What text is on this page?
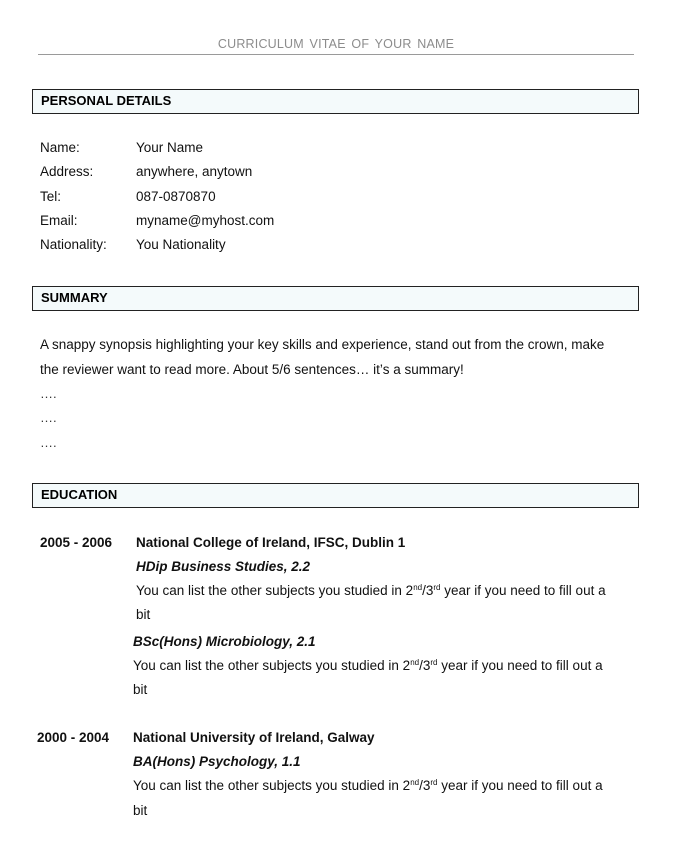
CURRICULUM VITAE OF YOUR NAME
PERSONAL DETAILS
Name:	Your Name
Address:	anywhere, anytown
Tel:	087-0870870
Email:	myname@myhost.com
Nationality: You Nationality
SUMMARY
A snappy synopsis highlighting your key skills and experience, stand out from the crown, make
the reviewer want to read more. About 5/6 sentences… it’s a summary!
….
….
….
EDUCATION
2005 - 2006 National College of Ireland, IFSC, Dublin 1
HDip Business Studies, 2.2
You can list the other subjects you studied in 2nd/3rd year if you need to fill out a
bit
BSc(Hons) Microbiology, 2.1
You can list the other subjects you studied in 2nd/3rd year if you need to fill out a
bit
2000 - 2004 National University of Ireland, Galway
BA(Hons) Psychology, 1.1
You can list the other subjects you studied in 2nd/3rd year if you need to fill out a
bit
